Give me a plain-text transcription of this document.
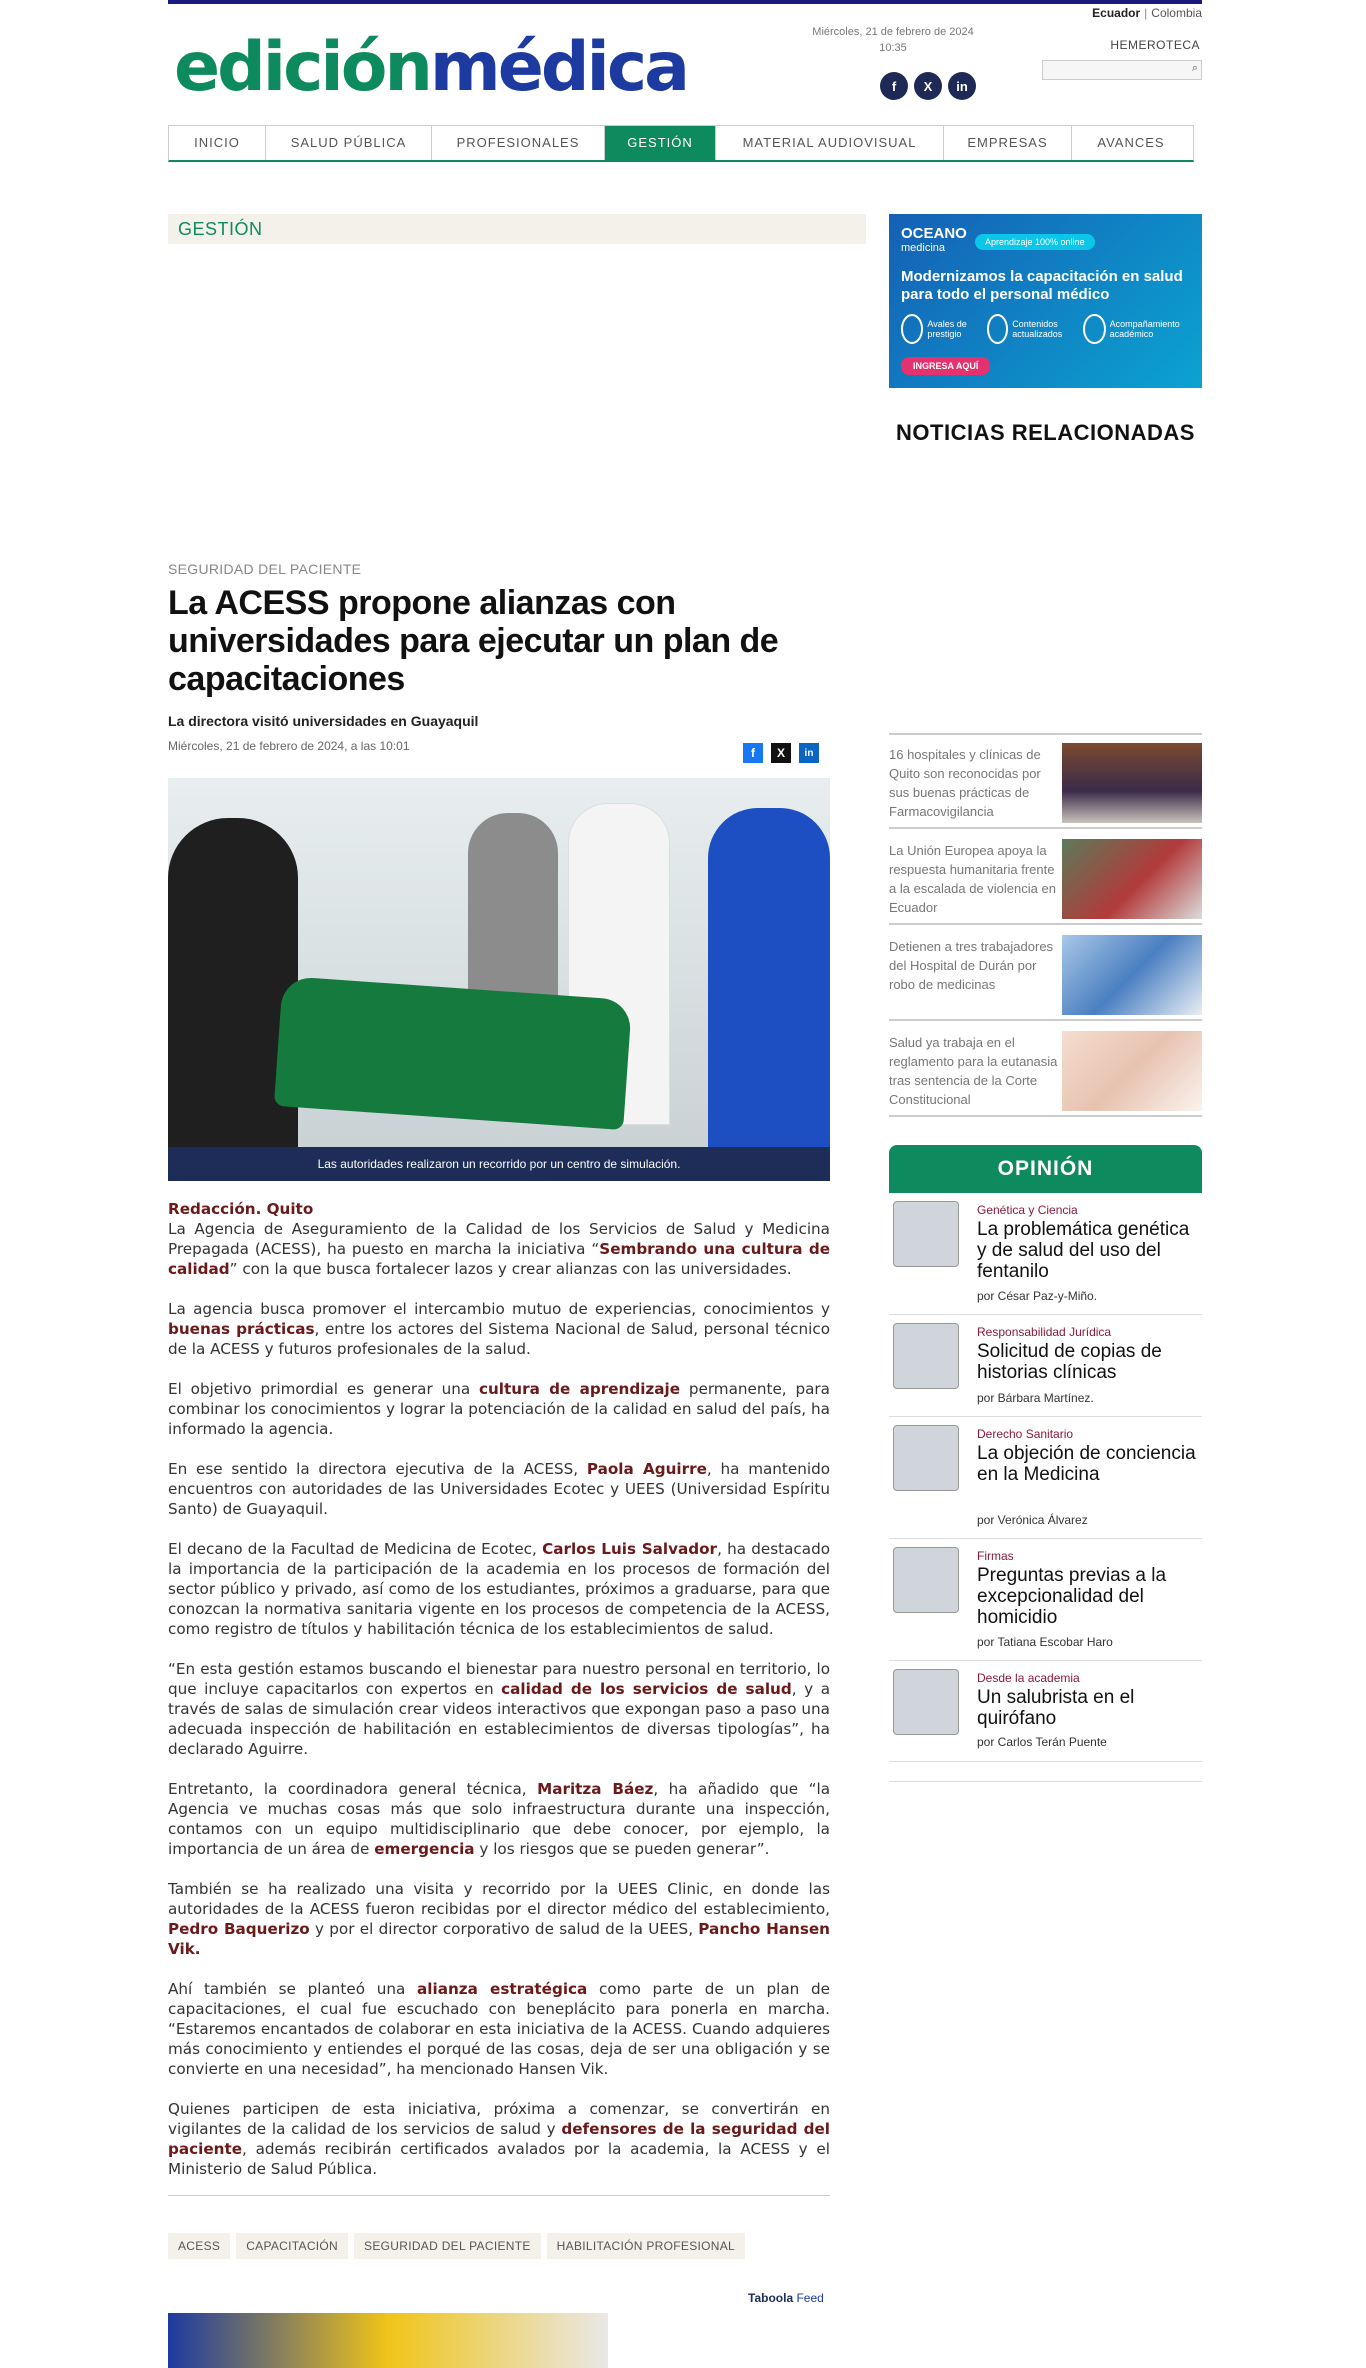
Ecuador | Colombia
ediciónmédica	Miércoles, 21 de febrero de 2024
10:35
f	X	in
HEMEROTECA
⌕
INICIO	SALUD PÚBLICA	PROFESIONALES	GESTIÓN	MATERIAL AUDIOVISUAL	EMPRESAS	AVANCES
GESTIÓN
SEGURIDAD DEL PACIENTE
La ACESS propone alianzas con universidades para ejecutar un plan de capacitaciones
La directora visitó universidades en Guayaquil
Miércoles, 21 de febrero de 2024, a las 10:01	f	X	in
Las autoridades realizaron un recorrido por un centro de simulación.

Redacción. Quito
La Agencia de Aseguramiento de la Calidad de los Servicios de Salud y Medicina Prepagada (ACESS), ha puesto en marcha la iniciativa “Sembrando una cultura de calidad” con la que busca fortalecer lazos y crear alianzas con las universidades.

La agencia busca promover el intercambio mutuo de experiencias, conocimientos y buenas prácticas, entre los actores del Sistema Nacional de Salud, personal técnico de la ACESS y futuros profesionales de la salud.

El objetivo primordial es generar una cultura de aprendizaje permanente, para combinar los conocimientos y lograr la potenciación de la calidad en salud del país, ha informado la agencia.

En ese sentido la directora ejecutiva de la ACESS, Paola Aguirre, ha mantenido encuentros con autoridades de las Universidades Ecotec y UEES (Universidad Espíritu Santo) de Guayaquil.

El decano de la Facultad de Medicina de Ecotec, Carlos Luis Salvador, ha destacado la importancia de la participación de la academia en los procesos de formación del sector público y privado, así como de los estudiantes, próximos a graduarse, para que conozcan la normativa sanitaria vigente en los procesos de competencia de la ACESS, como registro de títulos y habilitación técnica de los establecimientos de salud.

“En esta gestión estamos buscando el bienestar para nuestro personal en territorio, lo que incluye capacitarlos con expertos en calidad de los servicios de salud, y a través de salas de simulación crear videos interactivos que expongan paso a paso una adecuada inspección de habilitación en establecimientos de diversas tipologías”, ha declarado Aguirre.

Entretanto, la coordinadora general técnica, Maritza Báez, ha añadido que “la Agencia ve muchas cosas más que solo infraestructura durante una inspección, contamos con un equipo multidisciplinario que debe conocer, por ejemplo, la importancia de un área de emergencia y los riesgos que se pueden generar”.

También se ha realizado una visita y recorrido por la UEES Clinic, en donde las autoridades de la ACESS fueron recibidas por el director médico del establecimiento, Pedro Baquerizo y por el director corporativo de salud de la UEES, Pancho Hansen Vik.

Ahí también se planteó una alianza estratégica como parte de un plan de capacitaciones, el cual fue escuchado con beneplácito para ponerla en marcha. “Estaremos encantados de colaborar en esta iniciativa de la ACESS. Cuando adquieres más conocimiento y entiendes el porqué de las cosas, deja de ser una obligación y se convierte en una necesidad”, ha mencionado Hansen Vik.

Quienes participen de esta iniciativa, próxima a comenzar, se convertirán en vigilantes de la calidad de los servicios de salud y defensores de la seguridad del paciente, además recibirán certificados avalados por la academia, la ACESS y el Ministerio de Salud Pública.

ACESS	CAPACITACIÓN	SEGURIDAD DEL PACIENTE	HABILITACIÓN PROFESIONAL
Taboola Feed
OCEANO
medicina	Aprendizaje 100% online
Modernizamos la capacitación en salud para todo el personal médico
Avales de prestigio
Contenidos actualizados
Acompañamiento académico
INGRESA AQUÍ
NOTICIAS RELACIONADAS
16 hospitales y clínicas de Quito son reconocidas por sus buenas prácticas de Farmacovigilancia
La Unión Europea apoya la respuesta humanitaria frente a la escalada de violencia en Ecuador
Detienen a tres trabajadores del Hospital de Durán por robo de medicinas
Salud ya trabaja en el reglamento para la eutanasia tras sentencia de la Corte Constitucional
OPINIÓN
Genética y Ciencia
La problemática genética y de salud del uso del fentanilo
por César Paz-y-Miño.
Responsabilidad Jurídica
Solicitud de copias de historias clínicas
por Bárbara Martínez.
Derecho Sanitario
La objeción de conciencia en la Medicina
por Verónica Álvarez
Firmas
Preguntas previas a la excepcionalidad del homicidio
por Tatiana Escobar Haro
Desde la academia
Un salubrista en el quirófano
por Carlos Terán Puente
